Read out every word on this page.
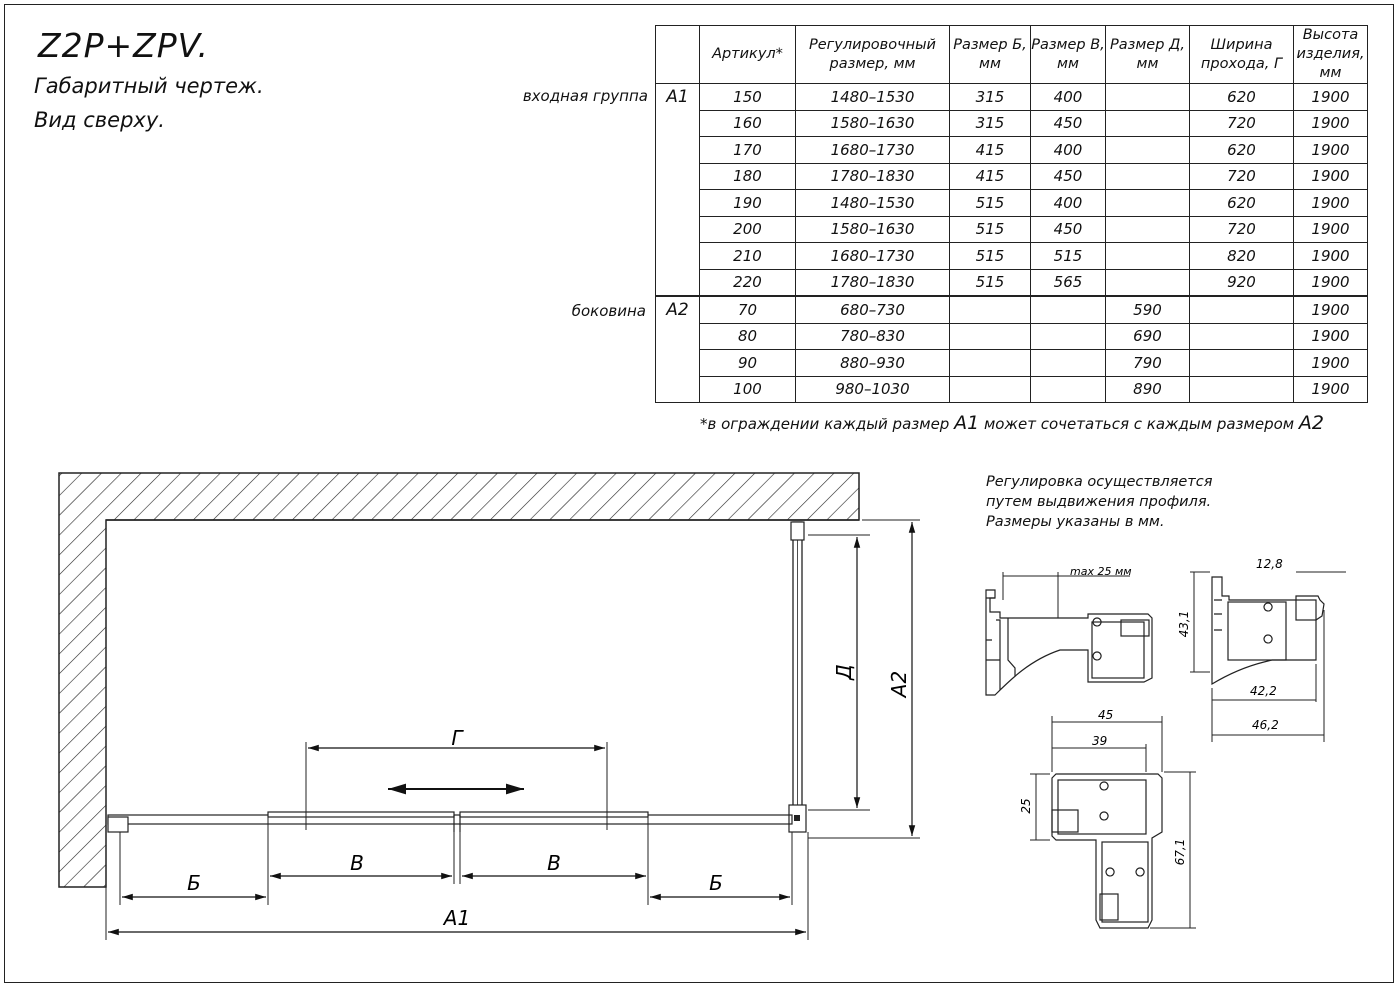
Z2P+ZPV.
Габаритный чертеж.
Вид сверху.
входная группа
боковина
	Артикул*	Регулировочный размер, мм	Размер Б, мм	Размер В, мм	Размер Д, мм	Ширина прохода, Г	Высота изделия, мм
А1	150	1480–1530	315	400		620	1900
	160	1580–1630	315	450		720	1900
	170	1680–1730	415	400		620	1900
	180	1780–1830	415	450		720	1900
	190	1480–1530	515	400		620	1900
	200	1580–1630	515	450		720	1900
	210	1680–1730	515	515		820	1900
	220	1780–1830	515	565		920	1900
А2	70	680–730			590		1900
	80	780–830			690		1900
	90	880–930			790		1900
	100	980–1030			890		1900
*в ограждении каждый размер А1 может сочетаться с каждым размером А2
Регулировка осуществляется
путем выдвижения профиля.
Размеры указаны в мм.
А1
Б	Б
В	В
Г
Д А2
max 25 мм
12,8
43,1
42,2
46,2
45
39
25
67,1
